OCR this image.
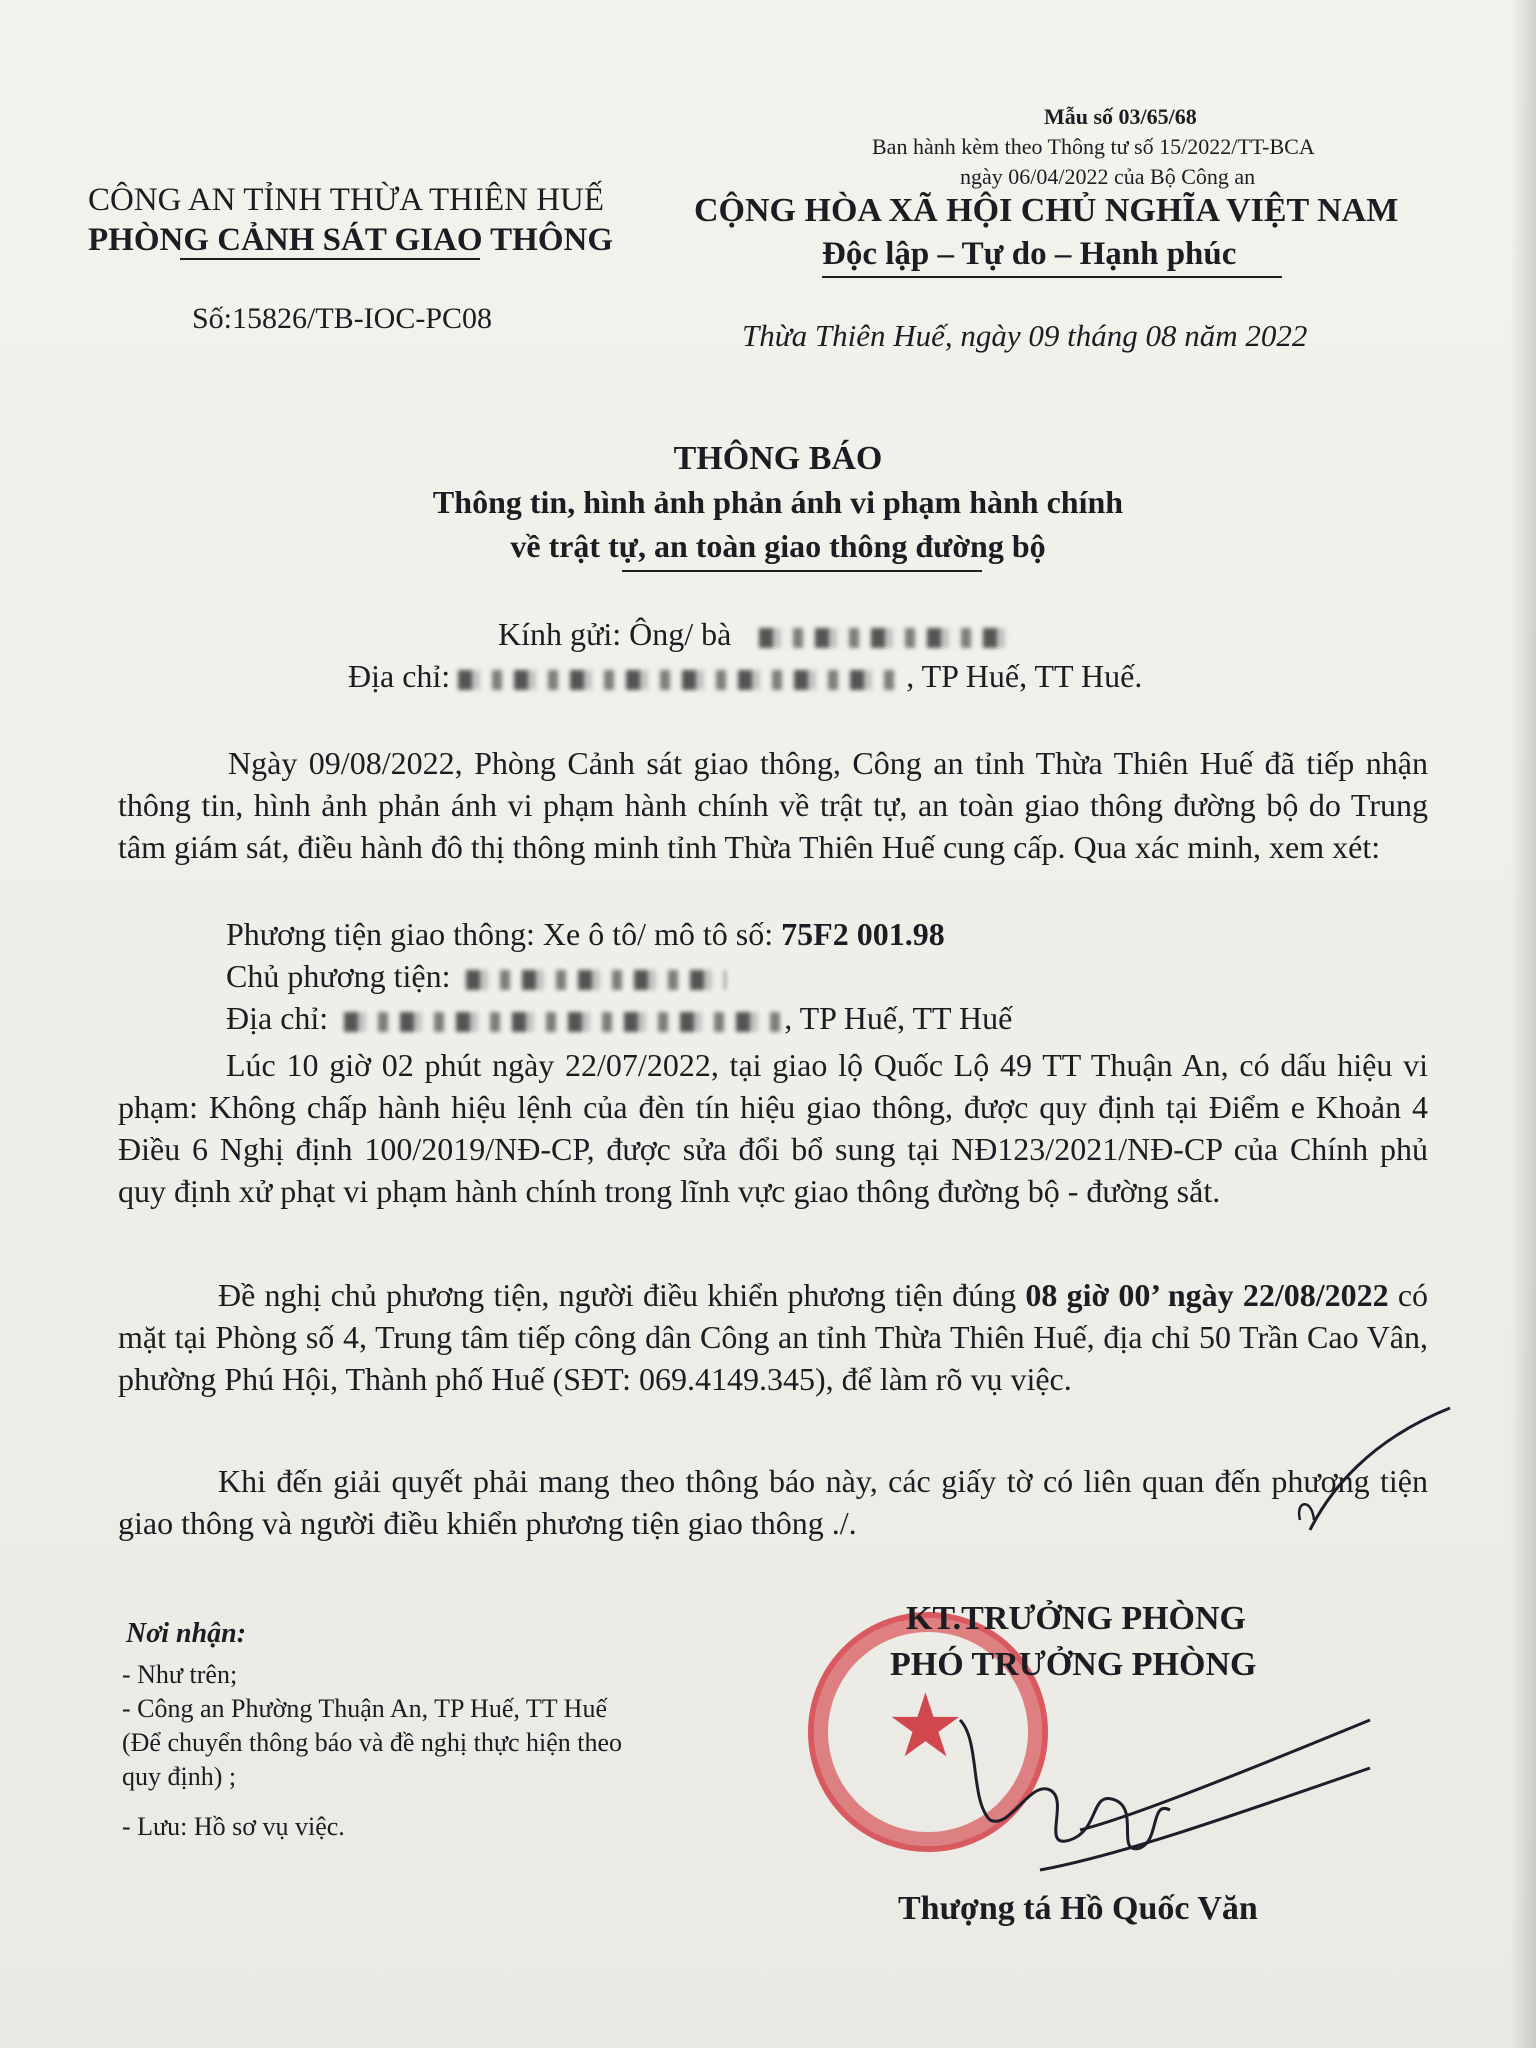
Mẫu số 03/65/68
Ban hành kèm theo Thông tư số 15/2022/TT-BCA
ngày 06/04/2022 của Bộ Công an
CÔNG AN TỈNH THỪA THIÊN HUẾ
PHÒNG CẢNH SÁT GIAO THÔNG
Số:15826/TB-IOC-PC08
CỘNG HÒA XÃ HỘI CHỦ NGHĨA VIỆT NAM
Độc lập – Tự do – Hạnh phúc
Thừa Thiên Huế, ngày 09 tháng 08 năm 2022
THÔNG BÁO
Thông tin, hình ảnh phản ánh vi phạm hành chính
về trật tự, an toàn giao thông đường bộ
Kính gửi: Ông/ bà
Địa chỉ:	, TP Huế, TT Huế.
Ngày 09/08/2022, Phòng Cảnh sát giao thông, Công an tỉnh Thừa Thiên Huế đã tiếp nhận thông tin, hình ảnh phản ánh vi phạm hành chính về trật tự, an toàn giao thông đường bộ do Trung tâm giám sát, điều hành đô thị thông minh tỉnh Thừa Thiên Huế cung cấp. Qua xác minh, xem xét:
Phương tiện giao thông: Xe ô tô/ mô tô số: 75F2 001.98
Chủ phương tiện:
Địa chỉ:	, TP Huế, TT Huế
Lúc 10 giờ 02 phút ngày 22/07/2022, tại giao lộ Quốc Lộ 49 TT Thuận An, có dấu hiệu vi phạm: Không chấp hành hiệu lệnh của đèn tín hiệu giao thông, được quy định tại Điểm e Khoản 4 Điều 6 Nghị định 100/2019/NĐ-CP, được sửa đổi bổ sung tại NĐ123/2021/NĐ-CP của Chính phủ quy định xử phạt vi phạm hành chính trong lĩnh vực giao thông đường bộ - đường sắt.
Đề nghị chủ phương tiện, người điều khiển phương tiện đúng 08 giờ 00’ ngày 22/08/2022 có mặt tại Phòng số 4, Trung tâm tiếp công dân Công an tỉnh Thừa Thiên Huế, địa chỉ 50 Trần Cao Vân, phường Phú Hội, Thành phố Huế (SĐT: 069.4149.345), để làm rõ vụ việc.
Khi đến giải quyết phải mang theo thông báo này, các giấy tờ có liên quan đến phương tiện giao thông và người điều khiển phương tiện giao thông ./.
Nơi nhận:
- Như trên;
- Công an Phường Thuận An, TP Huế, TT Huế
(Để chuyển thông báo và đề nghị thực hiện theo
quy định) ;
- Lưu: Hồ sơ vụ việc.
★
KT.TRƯỞNG PHÒNG
PHÓ TRƯỞNG PHÒNG
Thượng tá Hồ Quốc Văn
